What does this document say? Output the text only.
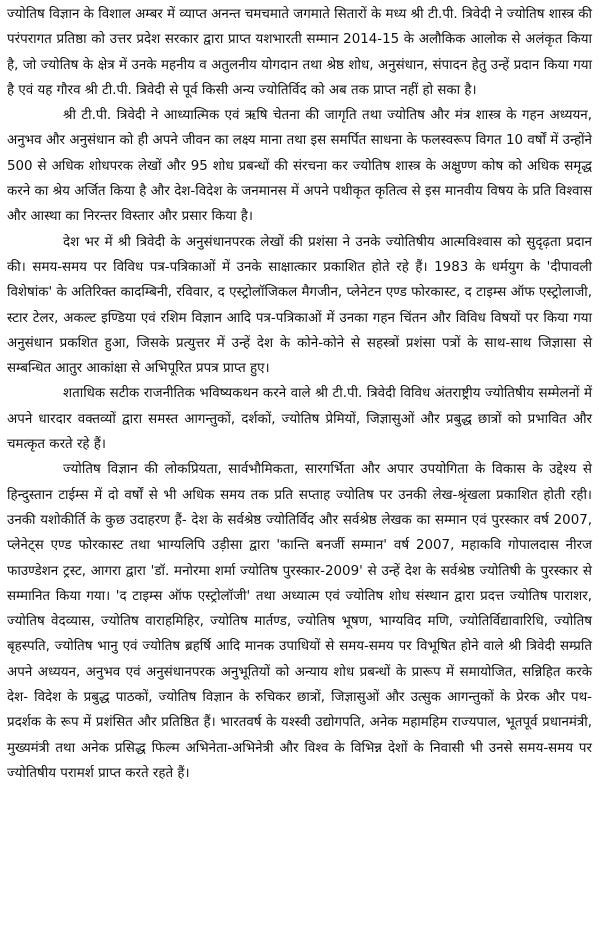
ज्योतिष विज्ञान के विशाल अम्बर में व्याप्त अनन्त चमचमाते जगमाते सितारों के मध्य श्री टी.पी. त्रिवेदी ने ज्योतिष शास्त्र की परंपरागत प्रतिष्ठा को उत्तर प्रदेश सरकार द्वारा प्राप्त यशभारती सम्मान 2014-15 के अलौकिक आलोक से अलंकृत किया है, जो ज्योतिष के क्षेत्र में उनके महनीय व अतुलनीय योगदान तथा श्रेष्ठ शोध, अनुसंधान, संपादन हेतु उन्हें प्रदान किया गया है एवं यह गौरव श्री टी.पी. त्रिवेदी से पूर्व किसी अन्य ज्योतिर्विद को अब तक प्राप्त नहीं हो सका है।

श्री टी.पी. त्रिवेदी ने आध्यात्मिक एवं ऋषि चेतना की जागृति तथा ज्योतिष और मंत्र शास्त्र के गहन अध्ययन, अनुभव और अनुसंधान को ही अपने जीवन का लक्ष्य माना तथा इस समर्पित साधना के फलस्वरूप विगत 10 वर्षों में उन्होंने 500 से अधिक शोधपरक लेखों और 95 शोध प्रबन्धों की संरचना कर ज्योतिष शास्त्र के अक्षुण्ण कोष को अधिक समृद्ध करने का श्रेय अर्जित किया है और देश-विदेश के जनमानस में अपने पथीकृत कृतित्व से इस मानवीय विषय के प्रति विश्वास और आस्था का निरन्तर विस्तार और प्रसार किया है।

देश भर में श्री त्रिवेदी के अनुसंधानपरक लेखों की प्रशंसा ने उनके ज्योतिषीय आत्मविश्वास को सुदृढ़ता प्रदान की। समय-समय पर विविध पत्र-पत्रिकाओं में उनके साक्षात्कार प्रकाशित होते रहे हैं। 1983 के धर्मयुग के 'दीपावली विशेषांक' के अतिरिक्त कादम्बिनी, रविवार, द एस्ट्रोलॉजिकल मैगजीन, प्लेनेटन एण्ड फोरकास्ट, द टाइम्स ऑफ एस्ट्रोलाजी, स्टार टेलर, अकल्ट इण्डिया एवं रशिम विज्ञान आदि पत्र-पत्रिकाओं में उनका गहन चिंतन और विविध विषयों पर किया गया अनुसंधान प्रकशित हुआ, जिसके प्रत्युत्तर में उन्हें देश के कोने-कोने से सहस्त्रों प्रशंसा पत्रों के साथ-साथ जिज्ञासा से सम्बन्धित आतुर आकांक्षा से अभिपूरित प्रपत्र प्राप्त हुए।

शताधिक सटीक राजनीतिक भविष्यकथन करने वाले श्री टी.पी. त्रिवेदी विविध अंतराष्ट्रीय ज्योतिषीय सम्मेलनों में अपने धारदार वक्तव्यों द्वारा समस्त आगन्तुकों, दर्शकों, ज्योतिष प्रेमियों, जिज्ञासुओं और प्रबुद्ध छात्रों को प्रभावित और चमत्कृत करते रहे हैं।

ज्योतिष विज्ञान की लोकप्रियता, सार्वभौमिकता, सारगर्भिता और अपार उपयोगिता के विकास के उद्देश्य से हिन्दुस्तान टाईम्स में दो वर्षों से भी अधिक समय तक प्रति सप्ताह ज्योतिष पर उनकी लेख-श्रृंखला प्रकाशित होती रही। उनकी यशोकीर्ति के कुछ उदाहरण हैं- देश के सर्वश्रेष्ठ ज्योतिर्विद और सर्वश्रेष्ठ लेखक का सम्मान एवं पुरस्कार वर्ष 2007, प्लेनेट्स एण्ड फोरकास्ट तथा भाग्यलिपि उड़ीसा द्वारा 'कान्ति बनर्जी सम्मान' वर्ष 2007, महाकवि गोपालदास नीरज फाउण्डेशन ट्रस्ट, आगरा द्वारा 'डॉ. मनोरमा शर्मा ज्योतिष पुरस्कार-2009' से उन्हें देश के सर्वश्रेष्ठ ज्योतिषी के पुरस्कार से सम्मानित किया गया। 'द टाइम्स ऑफ एस्ट्रोलॉजी' तथा अध्यात्म एवं ज्योतिष शोध संस्थान द्वारा प्रदत्त ज्योतिष पाराशर, ज्योतिष वेदव्यास, ज्योतिष वाराहमिहिर, ज्योतिष मार्तण्ड, ज्योतिष भूषण, भाग्यविद मणि, ज्योतिर्विद्यावारिधि, ज्योतिष बृहस्पति, ज्योतिष भानु एवं ज्योतिष ब्रहर्षि आदि मानक उपाधियों से समय-समय पर विभूषित होने वाले श्री त्रिवेदी सम्प्रति अपने अध्ययन, अनुभव एवं अनुसंधानपरक अनुभूतियों को अन्याय शोध प्रबन्धों के प्रारूप में समायोजित, सन्निहित करके देश- विदेश के प्रबुद्ध पाठकों, ज्योतिष विज्ञान के रुचिकर छात्रों, जिज्ञासुओं और उत्सुक आगन्तुकों के प्रेरक और पथ-प्रदर्शक के रूप में प्रशंसित और प्रतिष्ठित हैं। भारतवर्ष के यश्स्वी उद्योगपति, अनेक महामहिम राज्यपाल, भूतपूर्व प्रधानमंत्री, मुख्यमंत्री तथा अनेक प्रसिद्ध फिल्म अभिनेता-अभिनेत्री और विश्व के विभिन्न देशों के निवासी भी उनसे समय-समय पर ज्योतिषीय परामर्श प्राप्त करते रहते हैं।
